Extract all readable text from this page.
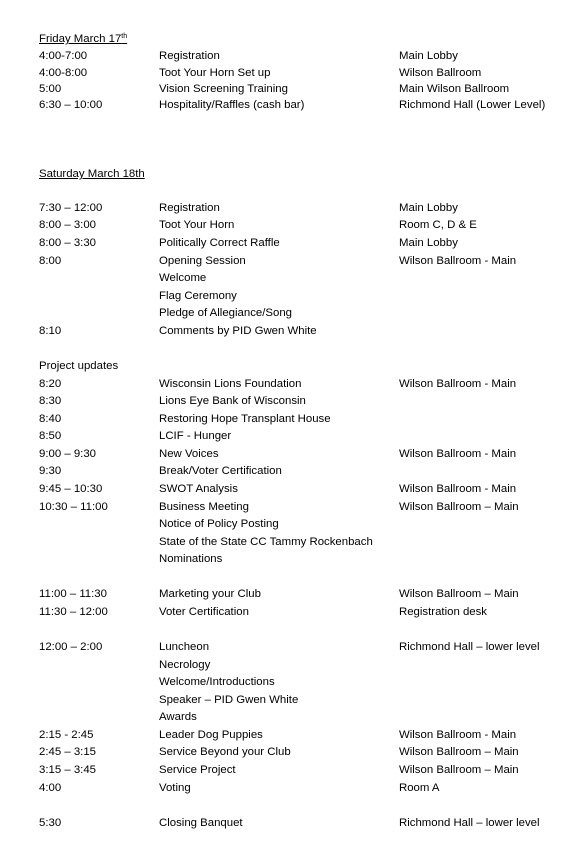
Friday March 17th
4:00-7:00	Registration	Main Lobby
4:00-8:00	Toot Your Horn Set up	Wilson Ballroom
5:00	Vision Screening Training	Main Wilson Ballroom
6:30 – 10:00	Hospitality/Raffles (cash bar)	Richmond Hall (Lower Level)
Saturday March 18th
7:30 – 12:00	Registration	Main Lobby
8:00 – 3:00	Toot Your Horn	Room C, D & E
8:00 – 3:30	Politically Correct Raffle	Main Lobby
8:00	Opening Session	Wilson Ballroom - Main
Welcome
Flag Ceremony
Pledge of Allegiance/Song
8:10	Comments by PID Gwen White
Project updates
8:20	Wisconsin Lions Foundation	Wilson Ballroom - Main
8:30	Lions Eye Bank of Wisconsin
8:40	Restoring Hope Transplant House
8:50	LCIF - Hunger
9:00 – 9:30	New Voices	Wilson Ballroom - Main
9:30	Break/Voter Certification
9:45 – 10:30	SWOT Analysis	Wilson Ballroom - Main
10:30 – 11:00	Business Meeting	Wilson Ballroom – Main
Notice of Policy Posting
State of the State CC Tammy Rockenbach
Nominations
11:00 – 11:30	Marketing your Club	Wilson Ballroom – Main
11:30 – 12:00	Voter Certification	Registration desk
12:00 – 2:00	Luncheon	Richmond Hall – lower level
Necrology
Welcome/Introductions
Speaker – PID Gwen White
Awards
2:15 - 2:45	Leader Dog Puppies	Wilson Ballroom - Main
2:45 – 3:15	Service Beyond your Club	Wilson Ballroom – Main
3:15 – 3:45	Service Project	Wilson Ballroom – Main
4:00	Voting	Room A
5:30	Closing Banquet	Richmond Hall – lower level
